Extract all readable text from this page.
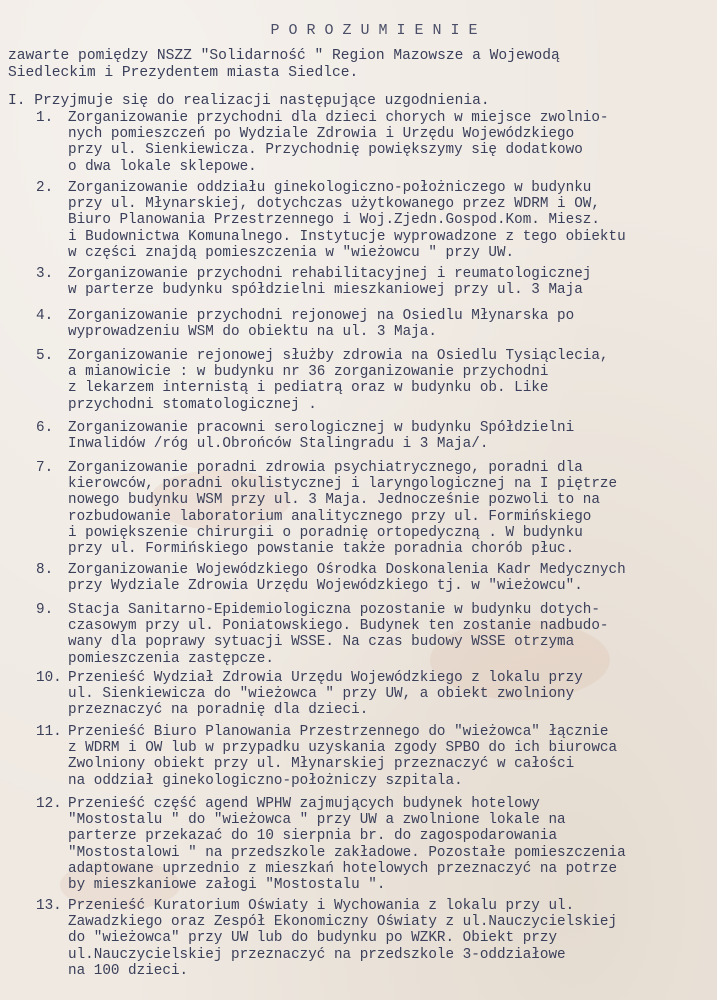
POROZUMIENIE
zawarte pomiędzy NSZZ "Solidarność " Region Mazowsze a Wojewodą
Siedleckim i Prezydentem miasta Siedlce.
I. Przyjmuje się do realizacji następujące uzgodnienia.
1. Zorganizowanie przychodni dla dzieci chorych w miejsce zwolnio-
nych pomieszczeń po Wydziale Zdrowia i Urzędu Wojewódzkiego
przy ul. Sienkiewicza. Przychodnię powiększymy się dodatkowo
o dwa lokale sklepowe.
2. Zorganizowanie oddziału ginekologiczno-położniczego w budynku
przy ul. Młynarskiej, dotychczas użytkowanego przez WDRM i OW,
Biuro Planowania Przestrzennego i Woj.Zjedn.Gospod.Kom. Miesz.
i Budownictwa Komunalnego. Instytucje wyprowadzone z tego obiektu
w części znajdą pomieszczenia w "wieżowcu " przy UW.
3. Zorganizowanie przychodni rehabilitacyjnej i reumatologicznej
w parterze budynku spółdzielni mieszkaniowej przy ul. 3 Maja
4. Zorganizowanie przychodni rejonowej na Osiedlu Młynarska po
wyprowadzeniu WSM do obiektu na ul. 3 Maja.
5. Zorganizowanie rejonowej służby zdrowia na Osiedlu Tysiąclecia,
a mianowicie : w budynku nr 36 zorganizowanie przychodni
z lekarzem internistą i pediatrą oraz w budynku ob. Like
przychodni stomatologicznej .
6. Zorganizowanie pracowni serologicznej w budynku Spółdzielni
Inwalidów /róg ul.Obrońców Stalingradu i 3 Maja/.
7. Zorganizowanie poradni zdrowia psychiatrycznego, poradni dla
kierowców, poradni okulistycznej i laryngologicznej na I piętrze
nowego budynku WSM przy ul. 3 Maja. Jednocześnie pozwoli to na
rozbudowanie laboratorium analitycznego przy ul. Formińskiego
i powiększenie chirurgii o poradnię ortopedyczną . W budynku
przy ul. Formińskiego powstanie także poradnia chorób płuc.
8. Zorganizowanie Wojewódzkiego Ośrodka Doskonalenia Kadr Medycznych
przy Wydziale Zdrowia Urzędu Wojewódzkiego tj. w "wieżowcu".
9. Stacja Sanitarno-Epidemiologiczna pozostanie w budynku dotych-
czasowym przy ul. Poniatowskiego. Budynek ten zostanie nadbudo-
wany dla poprawy sytuacji WSSE. Na czas budowy WSSE otrzyma
pomieszczenia zastępcze.
10. Przenieść Wydział Zdrowia Urzędu Wojewódzkiego z lokalu przy
ul. Sienkiewicza do "wieżowca " przy UW, a obiekt zwolniony
przeznaczyć na poradnię dla dzieci.
11. Przenieść Biuro Planowania Przestrzennego do "wieżowca" łącznie
z WDRM i OW lub w przypadku uzyskania zgody SPBO do ich biurowca
Zwolniony obiekt przy ul. Młynarskiej przeznaczyć w całości
na oddział ginekologiczno-położniczy szpitala.
12. Przenieść część agend WPHW zajmujących budynek hotelowy
"Mostostalu " do "wieżowca " przy UW a zwolnione lokale na
parterze przekazać do 10 sierpnia br. do zagospodarowania
"Mostostalowi " na przedszkole zakładowe. Pozostałe pomieszczenia
adaptowane uprzednio z mieszkań hotelowych przeznaczyć na potrze
by mieszkaniowe załogi "Mostostalu ".
13. Przenieść Kuratorium Oświaty i Wychowania z lokalu przy ul.
Zawadzkiego oraz Zespół Ekonomiczny Oświaty z ul.Nauczycielskiej
do "wieżowca" przy UW lub do budynku po WZKR. Obiekt przy
ul.Nauczycielskiej przeznaczyć na przedszkole 3-oddziałowe
na 100 dzieci.
